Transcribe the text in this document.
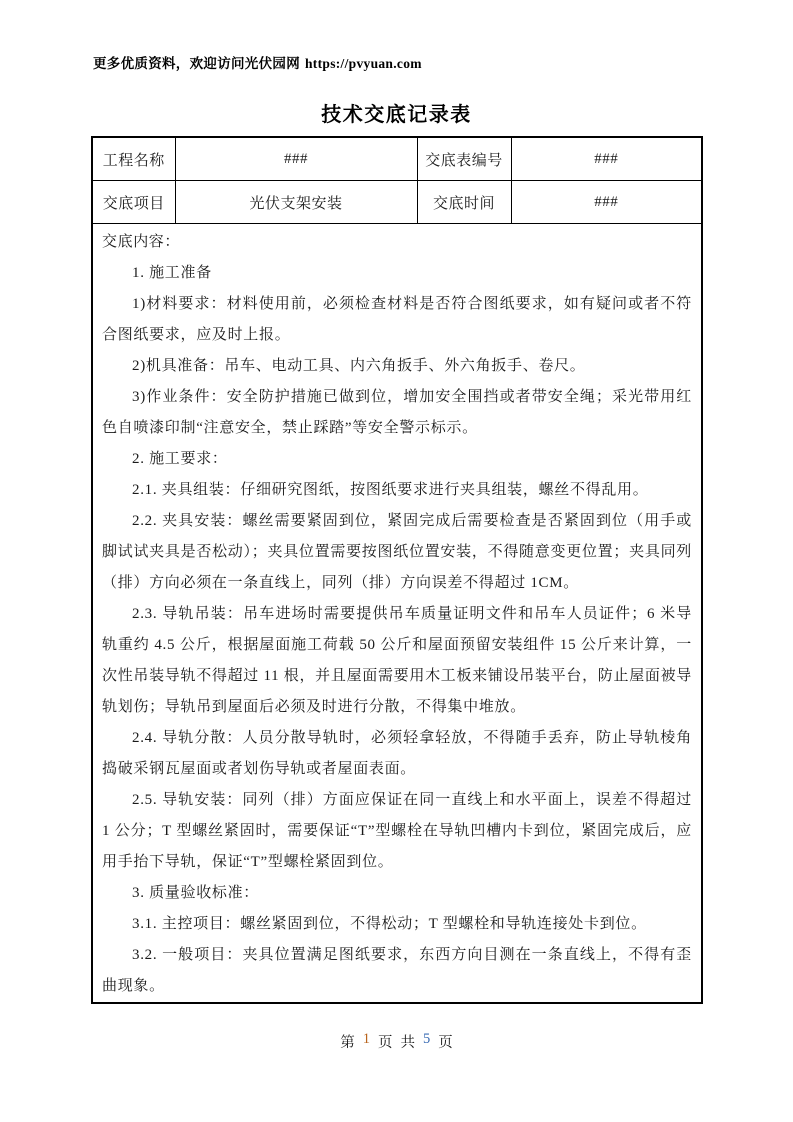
更多优质资料，欢迎访问光伏园网 https://pvyuan.com
技术交底记录表
工程名称	###	交底表编号	###
交底项目	光伏支架安装	交底时间	###

交底内容：

1. 施工准备

1)材料要求：材料使用前，必须检查材料是否符合图纸要求，如有疑问或者不符合图纸要求，应及时上报。

2)机具准备：吊车、电动工具、内六角扳手、外六角扳手、卷尺。

3)作业条件：安全防护措施已做到位，增加安全围挡或者带安全绳；采光带用红色自喷漆印制“注意安全，禁止踩踏”等安全警示标示。

2. 施工要求：

2.1. 夹具组装：仔细研究图纸，按图纸要求进行夹具组装，螺丝不得乱用。

2.2. 夹具安装：螺丝需要紧固到位，紧固完成后需要检查是否紧固到位（用手或脚试试夹具是否松动）；夹具位置需要按图纸位置安装，不得随意变更位置；夹具同列（排）方向必须在一条直线上，同列（排）方向误差不得超过 1CM。

2.3. 导轨吊装：吊车进场时需要提供吊车质量证明文件和吊车人员证件；6 米导轨重约 4.5 公斤，根据屋面施工荷载 50 公斤和屋面预留安装组件 15 公斤来计算，一次性吊装导轨不得超过 11 根，并且屋面需要用木工板来铺设吊装平台，防止屋面被导轨划伤；导轨吊到屋面后必须及时进行分散，不得集中堆放。

2.4. 导轨分散：人员分散导轨时，必须轻拿轻放，不得随手丢弃，防止导轨棱角捣破采钢瓦屋面或者划伤导轨或者屋面表面。

2.5. 导轨安装：同列（排）方面应保证在同一直线上和水平面上，误差不得超过 1 公分；T 型螺丝紧固时，需要保证“T”型螺栓在导轨凹槽内卡到位，紧固完成后，应用手抬下导轨，保证“T”型螺栓紧固到位。

3. 质量验收标准：

3.1. 主控项目：螺丝紧固到位，不得松动；T 型螺栓和导轨连接处卡到位。

3.2. 一般项目：夹具位置满足图纸要求，东西方向目测在一条直线上，不得有歪曲现象。

第 1 页 共 5 页
